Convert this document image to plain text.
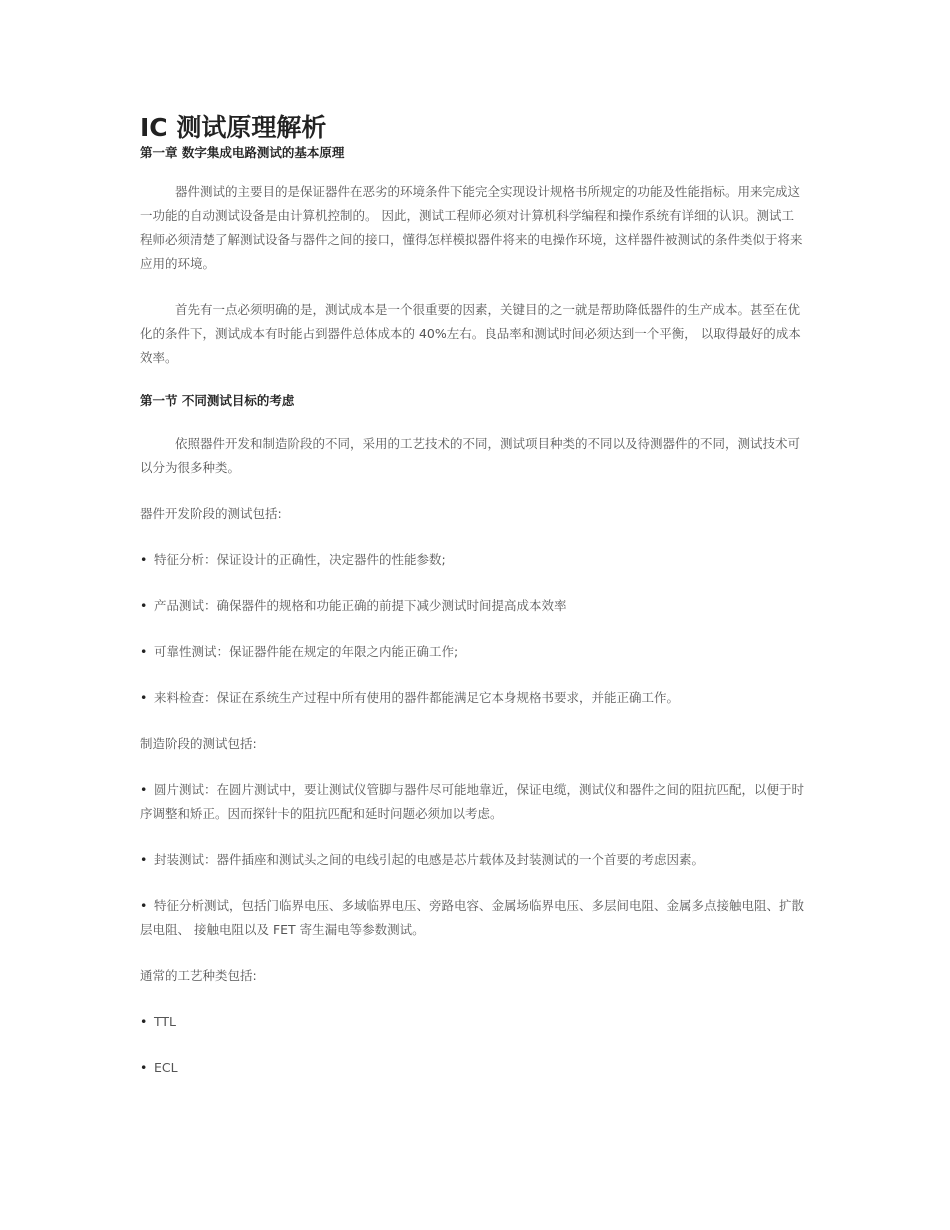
IC 测试原理解析
第一章 数字集成电路测试的基本原理

器件测试的主要目的是保证器件在恶劣的环境条件下能完全实现设计规格书所规定的功能及性能指标。用来完成这一功能的自动测试设备是由计算机控制的。 因此，测试工程师必须对计算机科学编程和操作系统有详细的认识。测试工程师必须清楚了解测试设备与器件之间的接口，懂得怎样模拟器件将来的电操作环境，这样器件被测试的条件类似于将来应用的环境。

首先有一点必须明确的是，测试成本是一个很重要的因素，关键目的之一就是帮助降低器件的生产成本。甚至在优化的条件下，测试成本有时能占到器件总体成本的 40%左右。良品率和测试时间必须达到一个平衡， 以取得最好的成本效率。

第一节 不同测试目标的考虑

依照器件开发和制造阶段的不同，采用的工艺技术的不同，测试项目种类的不同以及待测器件的不同，测试技术可以分为很多种类。

器件开发阶段的测试包括:

• 特征分析：保证设计的正确性，决定器件的性能参数;
• 产品测试：确保器件的规格和功能正确的前提下减少测试时间提高成本效率
• 可靠性测试：保证器件能在规定的年限之内能正确工作;
• 来料检查：保证在系统生产过程中所有使用的器件都能满足它本身规格书要求，并能正确工作。

制造阶段的测试包括:

• 圆片测试：在圆片测试中，要让测试仪管脚与器件尽可能地靠近，保证电缆，测试仪和器件之间的阻抗匹配，以便于时序调整和矫正。因而探针卡的阻抗匹配和延时问题必须加以考虑。
• 封装测试：器件插座和测试头之间的电线引起的电感是芯片载体及封装测试的一个首要的考虑因素。
• 特征分析测试，包括门临界电压、多域临界电压、旁路电容、金属场临界电压、多层间电阻、金属多点接触电阻、扩散层电阻、 接触电阻以及 FET 寄生漏电等参数测试。

通常的工艺种类包括:

• TTL
• ECL
